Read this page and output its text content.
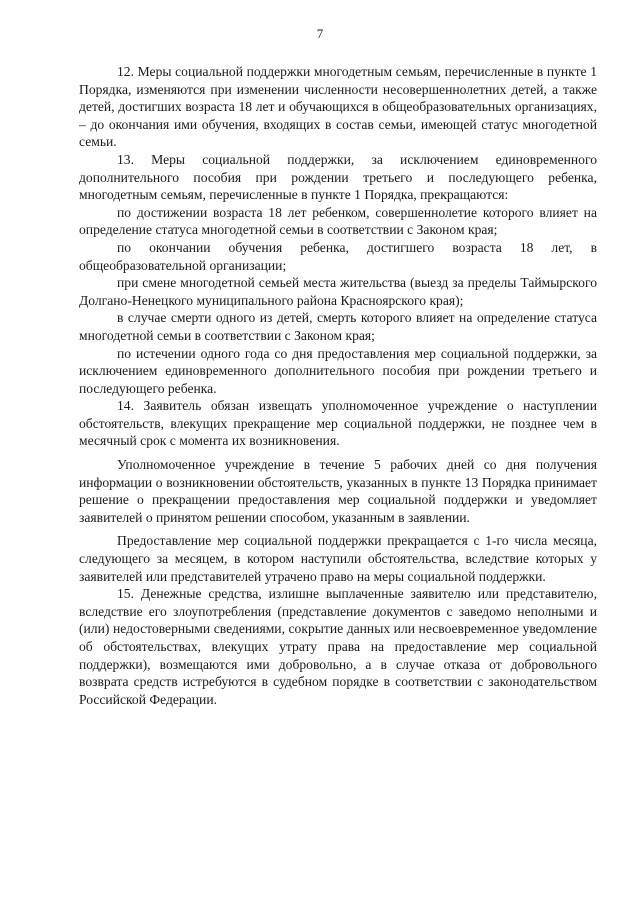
7

12. Меры социальной поддержки многодетным семьям, перечисленные в пункте 1 Порядка, изменяются при изменении численности несовершеннолетних детей, а также детей, достигших возраста 18 лет и обучающихся в общеобразовательных организациях, – до окончания ими обучения, входящих в состав семьи, имеющей статус многодетной семьи.

13. Меры социальной поддержки, за исключением единовременного дополнительного пособия при рождении третьего и последующего ребенка, многодетным семьям, перечисленные в пункте 1 Порядка, прекращаются:

по достижении возраста 18 лет ребенком, совершеннолетие которого влияет на определение статуса многодетной семьи в соответствии с Законом края;

по окончании обучения ребенка, достигшего возраста 18 лет, в общеобразовательной организации;

при смене многодетной семьей места жительства (выезд за пределы Таймырского Долгано-Ненецкого муниципального района Красноярского края);

в случае смерти одного из детей, смерть которого влияет на определение статуса многодетной семьи в соответствии с Законом края;

по истечении одного года со дня предоставления мер социальной поддержки, за исключением единовременного дополнительного пособия при рождении третьего и последующего ребенка.

14. Заявитель обязан извещать уполномоченное учреждение о наступлении обстоятельств, влекущих прекращение мер социальной поддержки, не позднее чем в месячный срок с момента их возникновения.

Уполномоченное учреждение в течение 5 рабочих дней со дня получения информации о возникновении обстоятельств, указанных в пункте 13 Порядка принимает решение о прекращении предоставления мер социальной поддержки и уведомляет заявителей о принятом решении способом, указанным в заявлении.

Предоставление мер социальной поддержки прекращается с 1-го числа месяца, следующего за месяцем, в котором наступили обстоятельства, вследствие которых у заявителей или представителей утрачено право на меры социальной поддержки.

15. Денежные средства, излишне выплаченные заявителю или представителю, вследствие его злоупотребления (представление документов с заведомо неполными и (или) недостоверными сведениями, сокрытие данных или несвоевременное уведомление об обстоятельствах, влекущих утрату права на предоставление мер социальной поддержки), возмещаются ими добровольно, а в случае отказа от добровольного возврата средств истребуются в судебном порядке в соответствии с законодательством Российской Федерации.
